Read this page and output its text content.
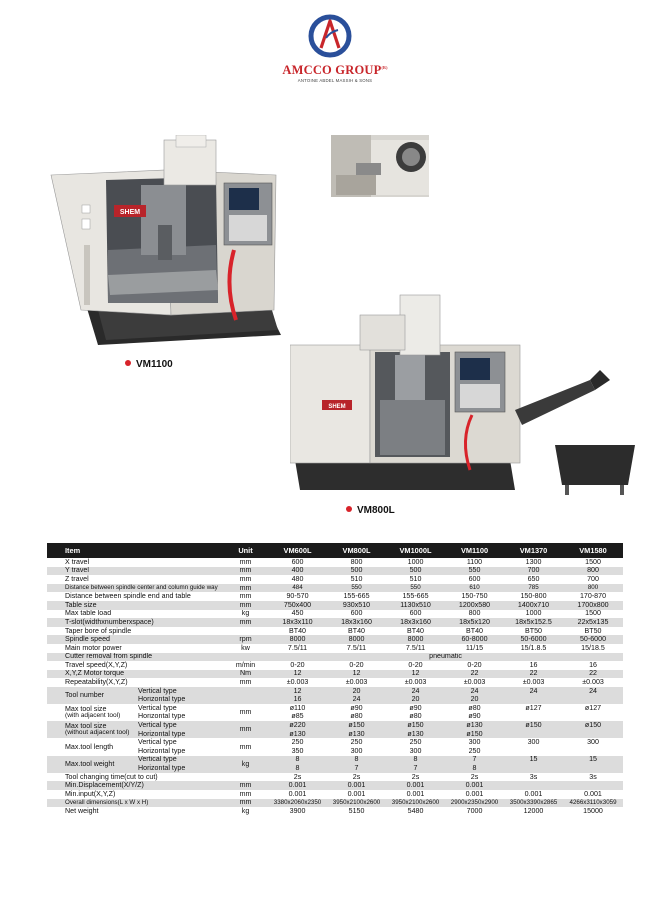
AMCCO $GROUP^{(R)}$
ANTOINE ABDEL MASSIH & SONS
SHEM
SHEM
VM1100
VM800L
Item		Unit	VM600L	VM800L	VM1000L	VM1100	VM1370	VM1580
X travel		mm	600	800	1000	1100	1300	1500
Y travel		mm	400	500	500	550	700	800
Z travel		mm	480	510	510	600	650	700
Distance between spindle center and column guide way		mm	484	550	550	610	785	800
Distance between spindle end and table		mm	90-570	155-665	155-665	150-750	150-800	170-870
Table size		mm	750x400	930x510	1130x510	1200x580	1400x710	1700x800
Max table load		kg	450	600	600	800	1000	1500
T-slot(widthxnumberxspace)		mm	18x3x110	18x3x160	18x3x160	18x5x120	18x5x152.5	22x5x135
Taper bore of spindle			BT40	BT40	BT40	BT40	BT50	BT50
Spindle speed		rpm	8000	8000	8000	60-8000	50-6000	50-6000
Main motor power		kw	7.5/11	7.5/11	7.5/11	11/15	15/1.8.5	15/18.5
Cutter removal from spindle			pneumatic					
Travel speed(X,Y,Z)		m/min	0-20	0-20	0-20	0-20	16	16
X,Y,Z Motor torque		Nm	12	12	12	22	22	22
Repeatability(X,Y,Z)		mm	±0.003	±0.003	±0.003	±0.003	±0.003	±0.003

Tool number	Vertical type		12	20	24	24	24	24
	Horizontal type		16	24	20	20		

Max tool size
(with adjacent tool)	Vertical type	mm	ø110	ø90	ø90	ø80	ø127	ø127
	Horizontal type		ø85	ø80	ø80	ø90		

Max tool size
(without adjacent tool)	Vertical type	mm	ø220	ø150	ø150	ø130	ø150	ø150
	Horizontal type		ø130	ø130	ø130	ø150		

Max.tool length	Vertical type	mm	250	250	250	300	300	300
	Horizontal type		350	300	300	250		

Max.tool weight	Vertical type	kg	8	8	8	7	15	15
	Horizontal type		8	7	7	8		
Tool changing time(cut to cut)			2s	2s	2s	2s	3s	3s
Min.Displacement(X/Y/Z)		mm	0.001	0.001	0.001	0.001		
Min.input(X,Y,Z)		mm	0.001	0.001	0.001	0.001	0.001	0.001
Overall dimensions(L x W x H)		mm	3380x2060x2350	3950x2100x2600	3950x2100x2600	2900x2350x2900	3500x3390x2865	4266x3110x3059
Net weight		kg	3900	5150	5480	7000	12000	15000
